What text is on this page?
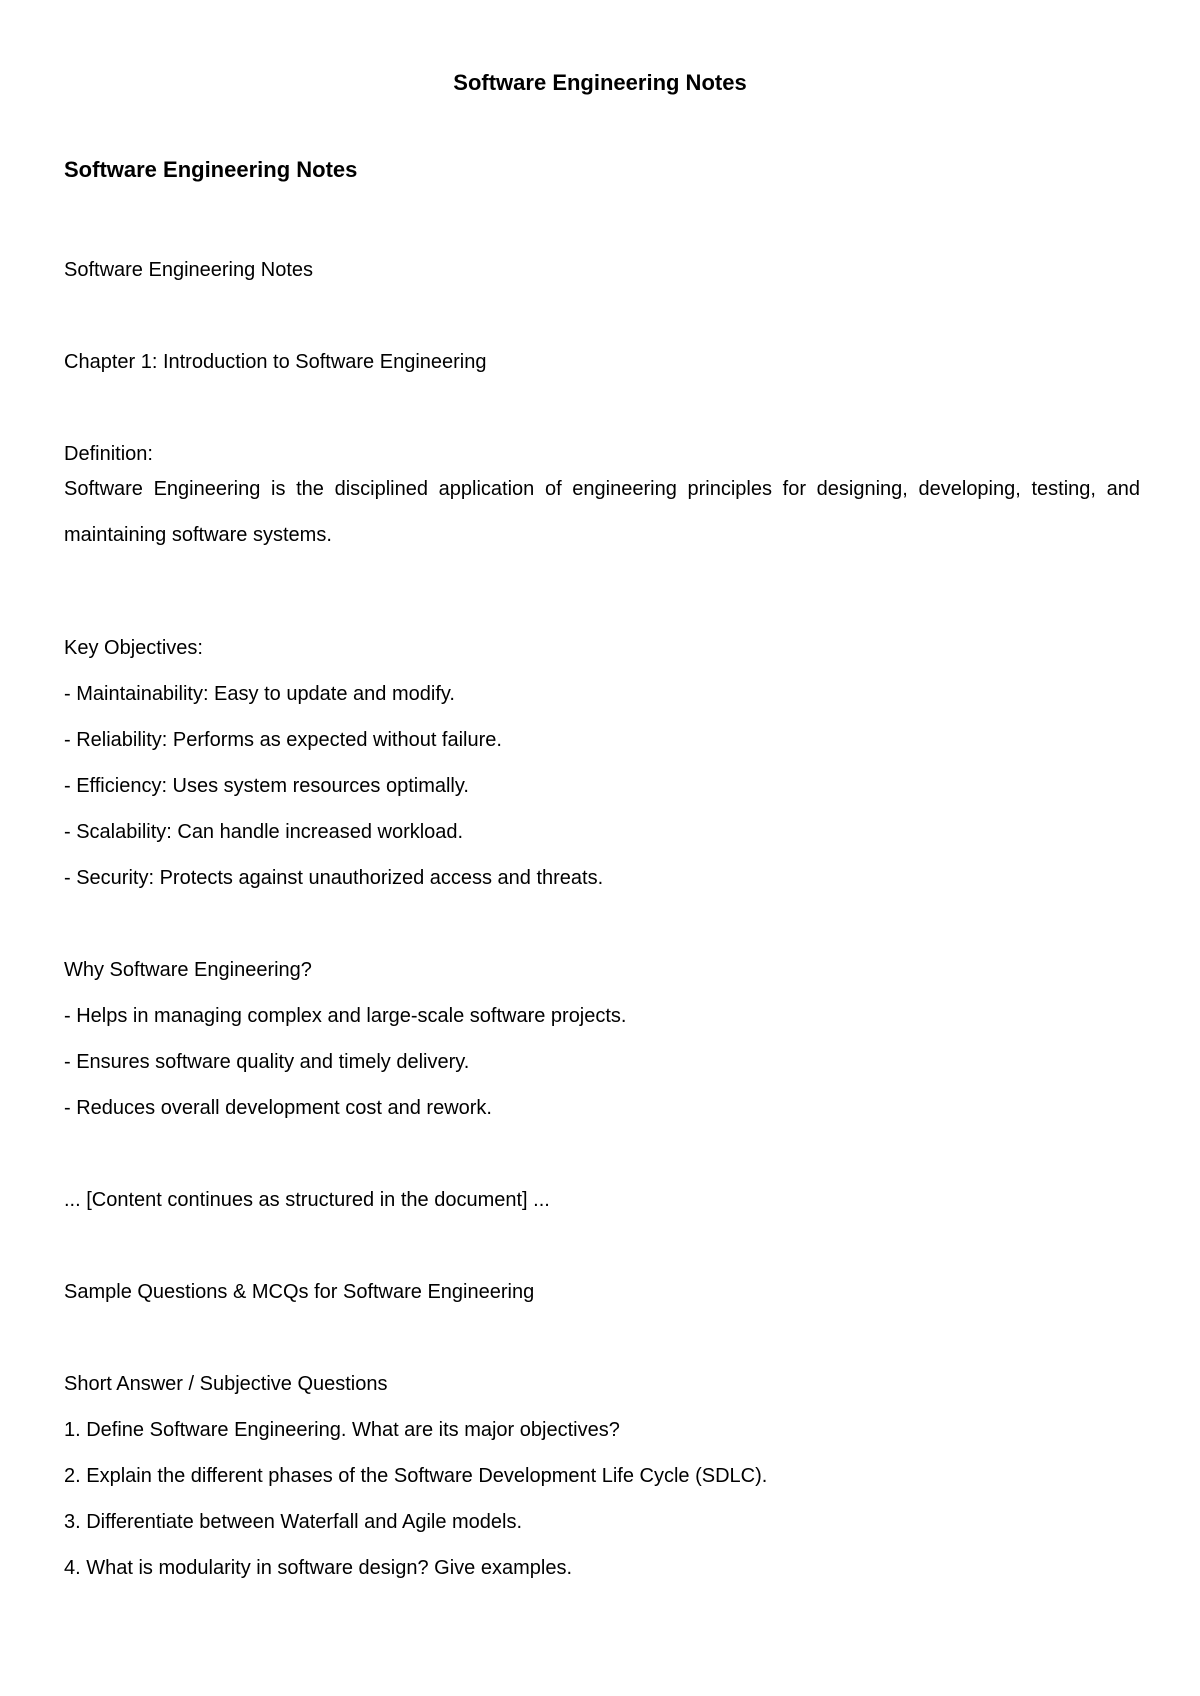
Software Engineering Notes
Software Engineering Notes
Software Engineering Notes
Chapter 1: Introduction to Software Engineering
Definition:
Software Engineering is the disciplined application of engineering principles for designing, developing, testing, and maintaining software systems.
Key Objectives:
- Maintainability: Easy to update and modify.
- Reliability: Performs as expected without failure.
- Efficiency: Uses system resources optimally.
- Scalability: Can handle increased workload.
- Security: Protects against unauthorized access and threats.
Why Software Engineering?
- Helps in managing complex and large-scale software projects.
- Ensures software quality and timely delivery.
- Reduces overall development cost and rework.
... [Content continues as structured in the document] ...
Sample Questions & MCQs for Software Engineering
Short Answer / Subjective Questions
1. Define Software Engineering. What are its major objectives?
2. Explain the different phases of the Software Development Life Cycle (SDLC).
3. Differentiate between Waterfall and Agile models.
4. What is modularity in software design? Give examples.
